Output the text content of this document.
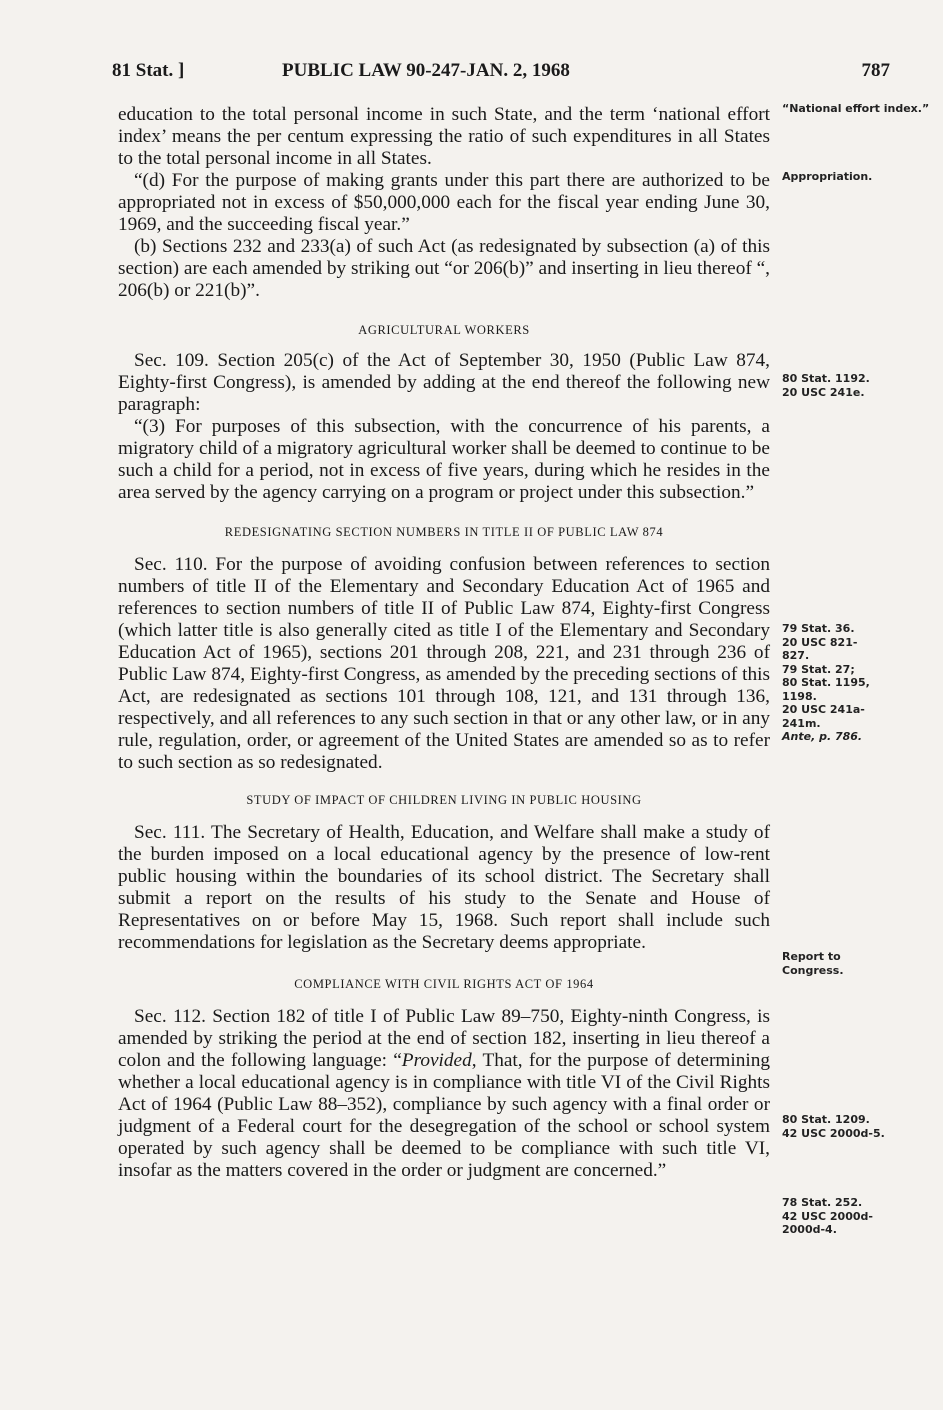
81 Stat. ]	PUBLIC LAW 90-247-JAN. 2, 1968	787

education to the total personal income in such State, and the term ‘national effort index’ means the per centum expressing the ratio of such expenditures in all States to the total personal income in all States.

“(d) For the purpose of making grants under this part there are authorized to be appropriated not in excess of $50,000,000 each for the fiscal year ending June 30, 1969, and the succeeding fiscal year.”

(b) Sections 232 and 233(a) of such Act (as redesignated by subsection (a) of this section) are each amended by striking out “or 206(b)” and inserting in lieu thereof “, 206(b) or 221(b)”.

AGRICULTURAL WORKERS

Sec. 109. Section 205(c) of the Act of September 30, 1950 (Public Law 874, Eighty-first Congress), is amended by adding at the end thereof the following new paragraph:

“(3) For purposes of this subsection, with the concurrence of his parents, a migratory child of a migratory agricultural worker shall be deemed to continue to be such a child for a period, not in excess of five years, during which he resides in the area served by the agency carrying on a program or project under this subsection.”

REDESIGNATING SECTION NUMBERS IN TITLE II OF PUBLIC LAW 874

Sec. 110. For the purpose of avoiding confusion between references to section numbers of title II of the Elementary and Secondary Education Act of 1965 and references to section numbers of title II of Public Law 874, Eighty-first Congress (which latter title is also generally cited as title I of the Elementary and Secondary Education Act of 1965), sections 201 through 208, 221, and 231 through 236 of Public Law 874, Eighty-first Congress, as amended by the preceding sections of this Act, are redesignated as sections 101 through 108, 121, and 131 through 136, respectively, and all references to any such section in that or any other law, or in any rule, regulation, order, or agreement of the United States are amended so as to refer to such section as so redesignated.

STUDY OF IMPACT OF CHILDREN LIVING IN PUBLIC HOUSING

Sec. 111. The Secretary of Health, Education, and Welfare shall make a study of the burden imposed on a local educational agency by the presence of low-rent public housing within the boundaries of its school district. The Secretary shall submit a report on the results of his study to the Senate and House of Representatives on or before May 15, 1968. Such report shall include such recommendations for legislation as the Secretary deems appropriate.

COMPLIANCE WITH CIVIL RIGHTS ACT OF 1964

Sec. 112. Section 182 of title I of Public Law 89–750, Eighty-ninth Congress, is amended by striking the period at the end of section 182, inserting in lieu thereof a colon and the following language: “Provided, That, for the purpose of determining whether a local educational agency is in compliance with title VI of the Civil Rights Act of 1964 (Public Law 88–352), compliance by such agency with a final order or judgment of a Federal court for the desegregation of the school or school system operated by such agency shall be deemed to be compliance with such title VI, insofar as the matters covered in the order or judgment are concerned.”

“National effort index.”
Appropriation.
80 Stat. 1192.
20 USC 241e.
79 Stat. 36.
20 USC 821-827.
79 Stat. 27;
80 Stat. 1195, 1198.
20 USC 241a-241m.
Ante, p. 786.
Report to Congress.
80 Stat. 1209.
42 USC 2000d-5.
78 Stat. 252.
42 USC 2000d-2000d-4.
